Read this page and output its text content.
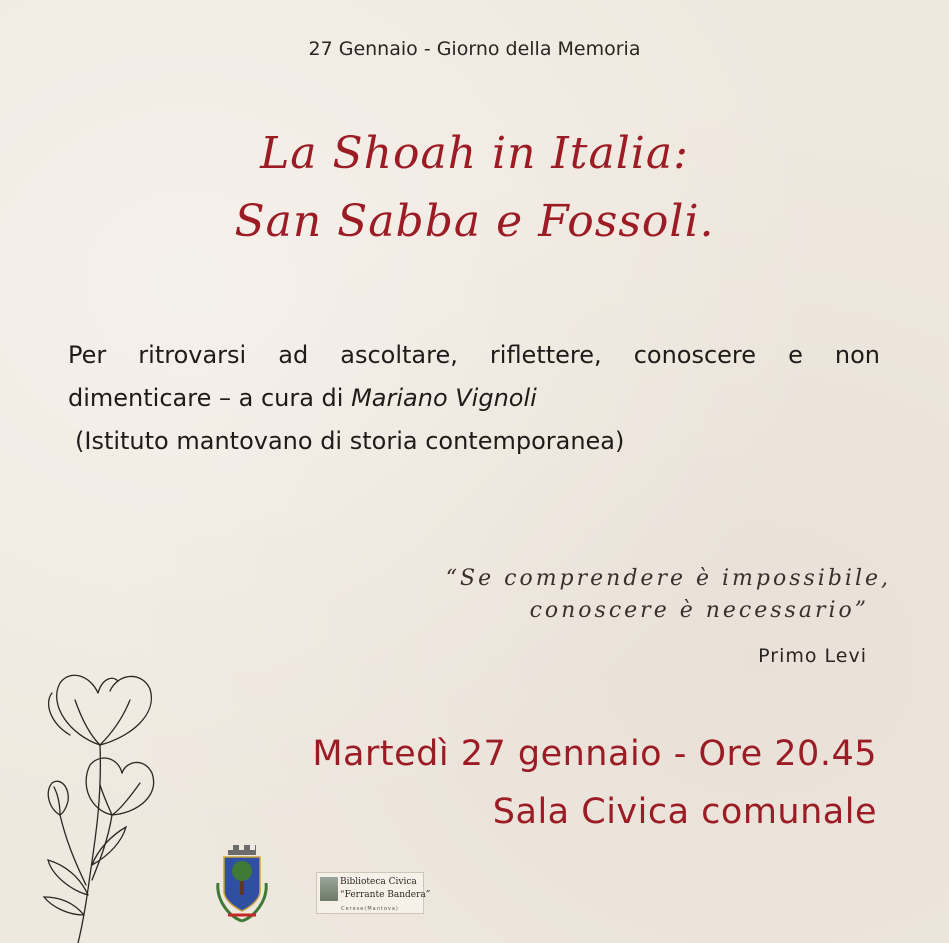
27 Gennaio - Giorno della Memoria
La Shoah in Italia:
San Sabba e Fossoli.
Per ritrovarsi ad ascoltare, riflettere, conoscere e non
dimenticare – a cura di Mariano Vignoli
(Istituto mantovano di storia contemporanea)
“Se comprendere è impossibile,
conoscere è necessario”
Primo Levi
Martedì 27 gennaio - Ore 20.45
Sala Civica comunale
Biblioteca Civica
“Ferrante Bandera”
Cerese(Mantova)
